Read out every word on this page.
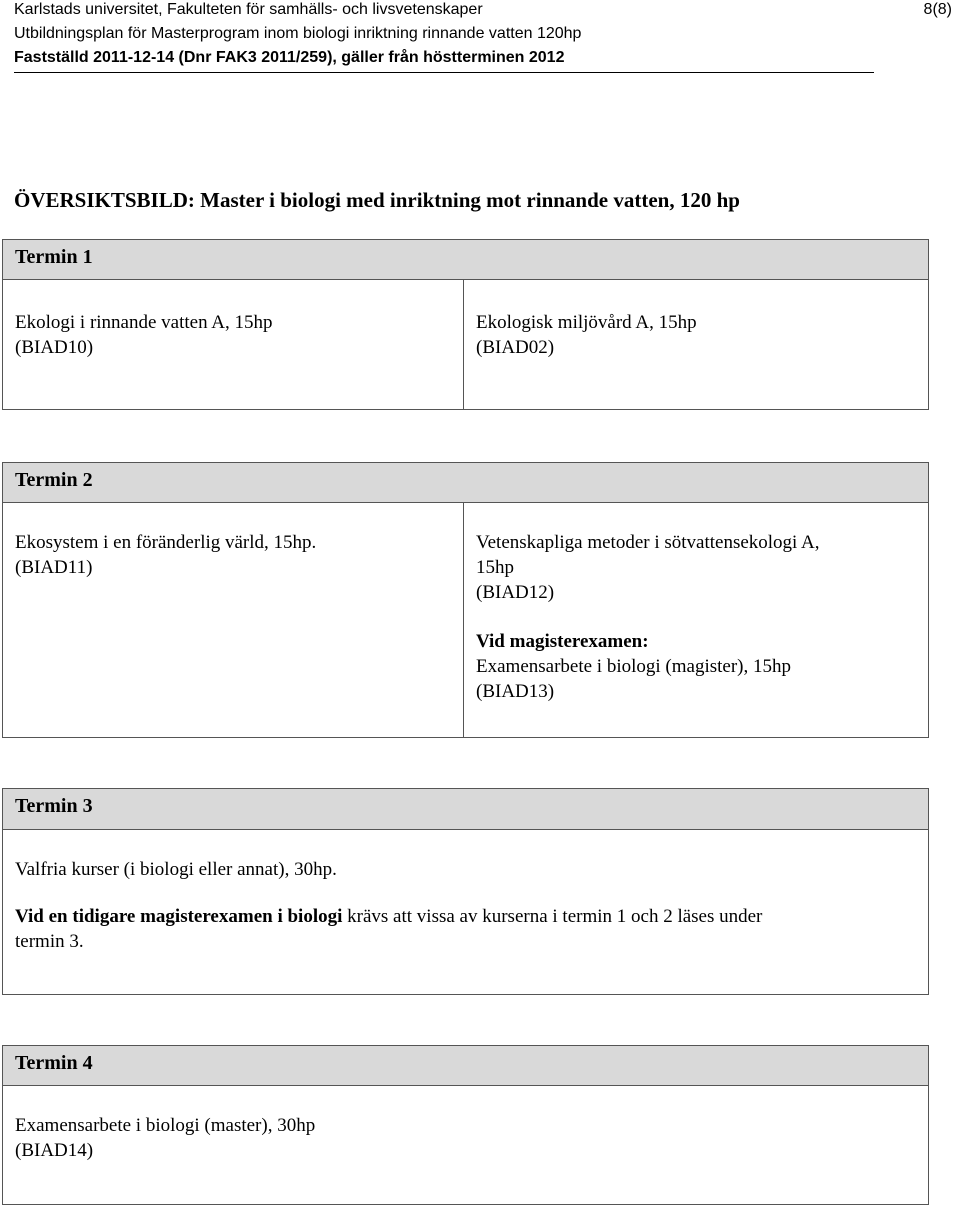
Karlstads universitet, Fakulteten för samhälls- och livsvetenskaper	8(8)
Utbildningsplan för Masterprogram inom biologi inriktning rinnande vatten 120hp
Fastställd 2011-12-14 (Dnr FAK3 2011/259), gäller från höstterminen 2012
ÖVERSIKTSBILD: Master i biologi med inriktning mot rinnande vatten, 120 hp
Termin 1
Ekologi i rinnande vatten A, 15hp
(BIAD10)
Ekologisk miljövård A, 15hp
(BIAD02)
Termin 2
Ekosystem i en föränderlig värld, 15hp.
(BIAD11)
Vetenskapliga metoder i sötvattensekologi A,
15hp
(BIAD12)
Vid magisterexamen:
Examensarbete i biologi (magister), 15hp
(BIAD13)
Termin 3
Valfria kurser (i biologi eller annat), 30hp.
Vid en tidigare magisterexamen i biologi krävs att vissa av kurserna i termin 1 och 2 läses under
termin 3.
Termin 4
Examensarbete i biologi (master), 30hp
(BIAD14)
